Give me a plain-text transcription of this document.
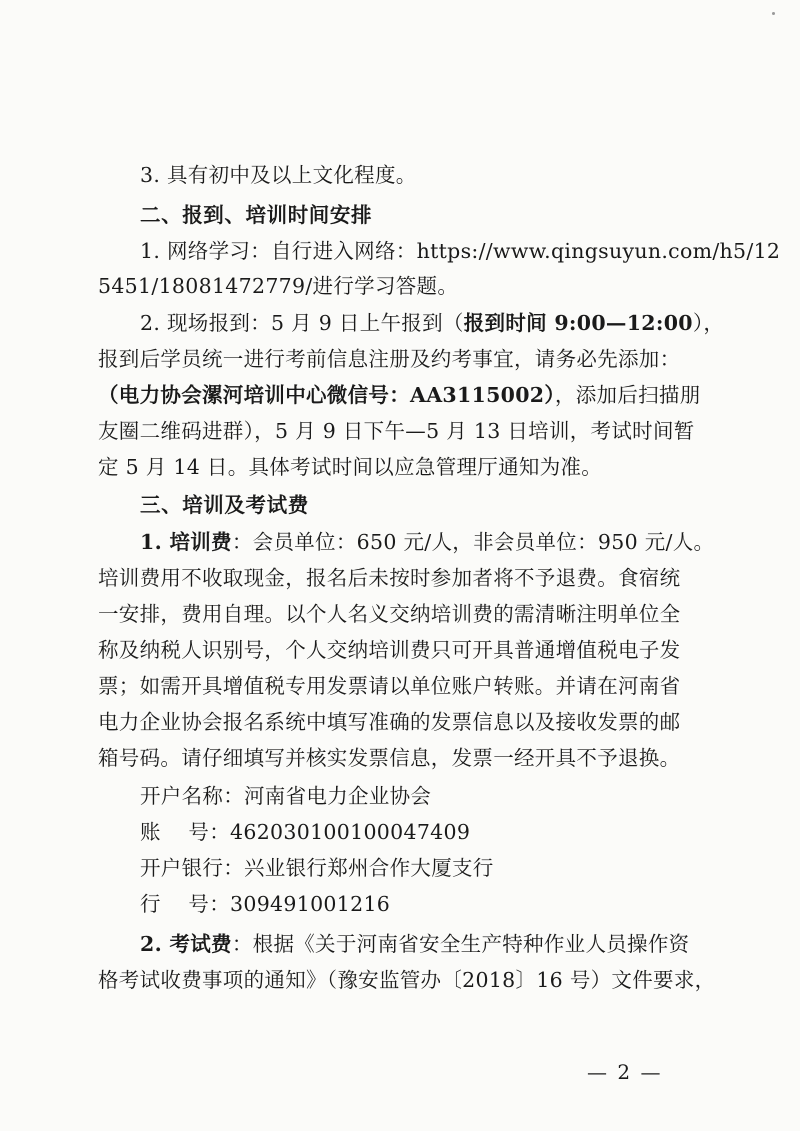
3. 具有初中及以上文化程度。
二、报到、培训时间安排
1. 网络学习：自行进入网络：https://www.qingsuyun.com/h5/12
5451/18081472779/进行学习答题。
2. 现场报到：5 月 9 日上午报到（报到时间 9:00—12:00），
报到后学员统一进行考前信息注册及约考事宜，请务必先添加：
（电力协会漯河培训中心微信号：AA3115002），添加后扫描朋
友圈二维码进群），5 月 9 日下午—5 月 13 日培训，考试时间暂
定 5 月 14 日。具体考试时间以应急管理厅通知为准。
三、培训及考试费
1. 培训费：会员单位：650 元/人，非会员单位：950 元/人。
培训费用不收取现金，报名后未按时参加者将不予退费。食宿统
一安排，费用自理。以个人名义交纳培训费的需清晰注明单位全
称及纳税人识别号，个人交纳培训费只可开具普通增值税电子发
票；如需开具增值税专用发票请以单位账户转账。并请在河南省
电力企业协会报名系统中填写准确的发票信息以及接收发票的邮
箱号码。请仔细填写并核实发票信息，发票一经开具不予退换。
开户名称：河南省电力企业协会
账　 号：462030100100047409
开户银行：兴业银行郑州合作大厦支行
行　 号：309491001216
2. 考试费：根据《关于河南省安全生产特种作业人员操作资
格考试收费事项的通知》（豫安监管办〔2018〕16 号）文件要求，
— 2 —
